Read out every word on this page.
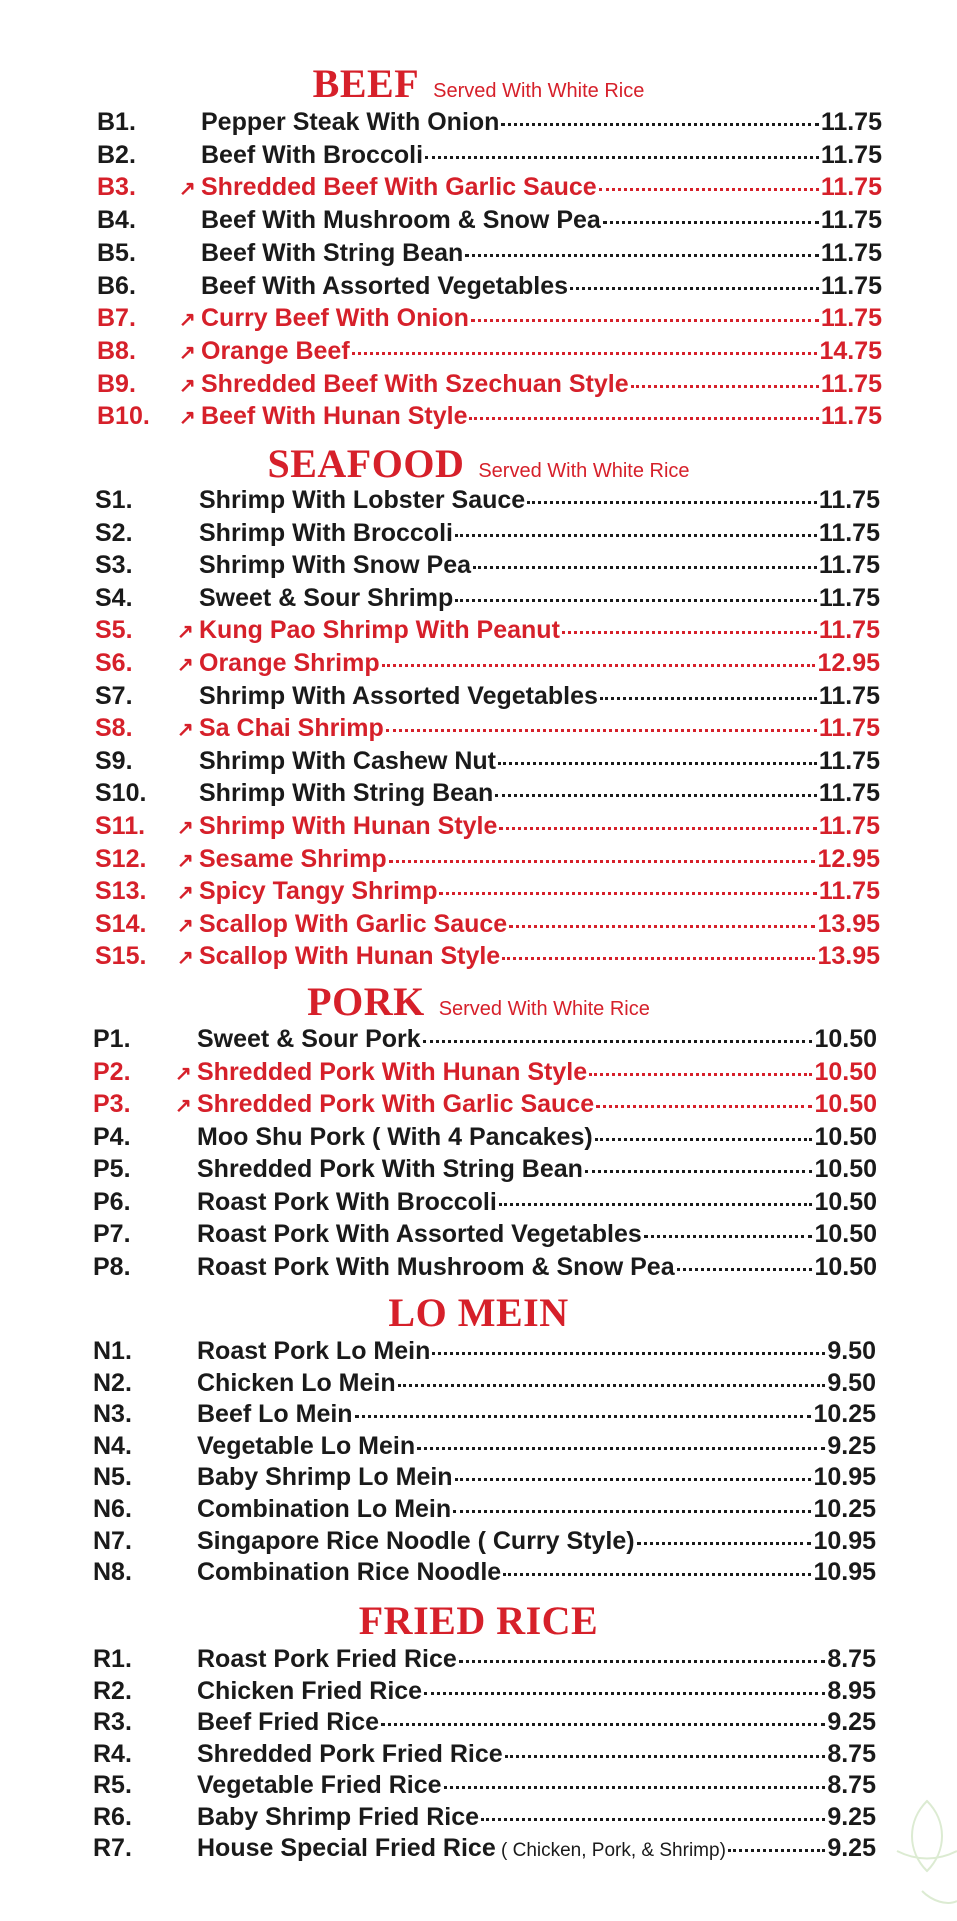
BEEF Served With White Rice
B1.	Pepper Steak With Onion	11.75
B2.	Beef With Broccoli	11.75
B3.	↗ Shredded Beef With Garlic Sauce	11.75
B4.	Beef With Mushroom & Snow Pea	11.75
B5.	Beef With String Bean	11.75
B6.	Beef With Assorted Vegetables	11.75
B7.	↗ Curry Beef With Onion	11.75
B8.	↗ Orange Beef	14.75
B9.	↗ Shredded Beef With Szechuan Style	11.75
B10.	↗ Beef With Hunan Style	11.75
SEAFOOD Served With White Rice
S1.	Shrimp With Lobster Sauce	11.75
S2.	Shrimp With Broccoli	11.75
S3.	Shrimp With Snow Pea	11.75
S4.	Sweet & Sour Shrimp	11.75
S5.	↗ Kung Pao Shrimp With Peanut	11.75
S6.	↗ Orange Shrimp	12.95
S7.	Shrimp With Assorted Vegetables	11.75
S8.	↗ Sa Chai Shrimp	11.75
S9.	Shrimp With Cashew Nut	11.75
S10.	Shrimp With String Bean	11.75
S11.	↗ Shrimp With Hunan Style	11.75
S12.	↗ Sesame Shrimp	12.95
S13.	↗ Spicy Tangy Shrimp	11.75
S14.	↗ Scallop With Garlic Sauce	13.95
S15.	↗ Scallop With Hunan Style	13.95
PORK Served With White Rice
P1.	Sweet & Sour Pork	10.50
P2.	↗ Shredded Pork With Hunan Style	10.50
P3.	↗ Shredded Pork With Garlic Sauce	10.50
P4.	Moo Shu Pork ( With 4 Pancakes)	10.50
P5.	Shredded Pork With String Bean	10.50
P6.	Roast Pork With Broccoli	10.50
P7.	Roast Pork With Assorted Vegetables	10.50
P8.	Roast Pork With Mushroom & Snow Pea	10.50
LO MEIN
N1.	Roast Pork Lo Mein	9.50
N2.	Chicken Lo Mein	9.50
N3.	Beef Lo Mein	10.25
N4.	Vegetable Lo Mein	9.25
N5.	Baby Shrimp Lo Mein	10.95
N6.	Combination Lo Mein	10.25
N7.	Singapore Rice Noodle ( Curry Style)	10.95
N8.	Combination Rice Noodle	10.95
FRIED RICE
R1.	Roast Pork Fried Rice	8.75
R2.	Chicken Fried Rice	8.95
R3.	Beef Fried Rice	9.25
R4.	Shredded Pork Fried Rice	8.75
R5.	Vegetable Fried Rice	8.75
R6.	Baby Shrimp Fried Rice	9.25
R7.	House Special Fried Rice ( Chicken, Pork, & Shrimp)	9.25
